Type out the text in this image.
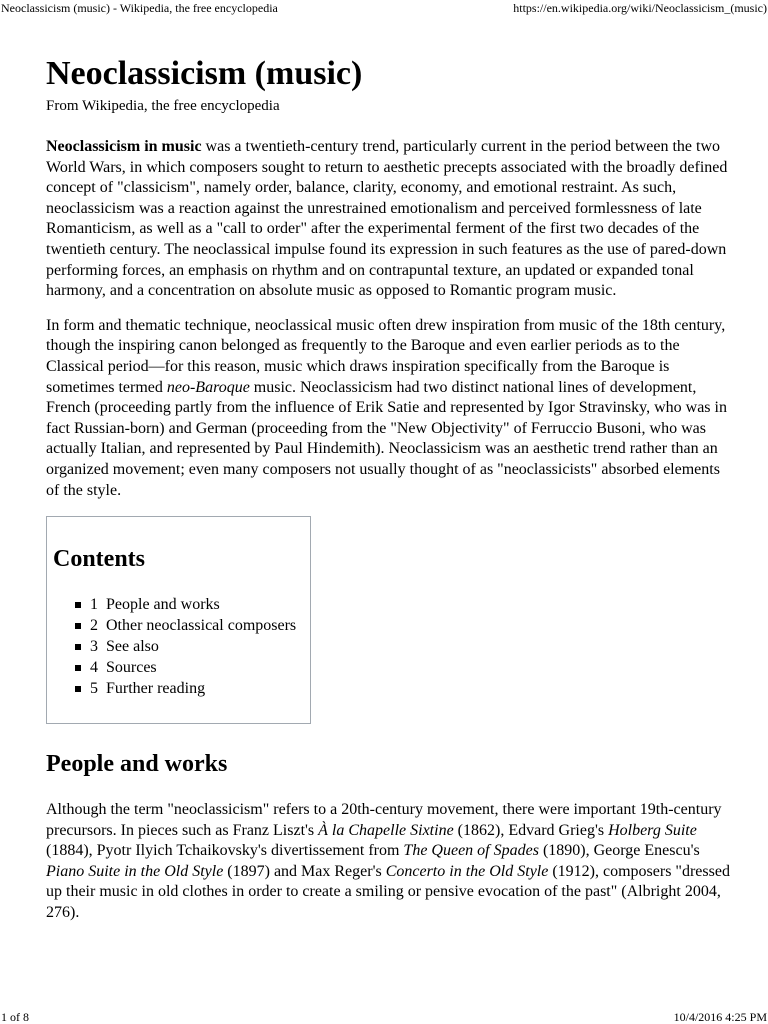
Neoclassicism (music) - Wikipedia, the free encyclopedia	https://en.wikipedia.org/wiki/Neoclassicism_(music)
Neoclassicism (music)
From Wikipedia, the free encyclopedia

Neoclassicism in music was a twentieth-century trend, particularly current in the period between the two World Wars, in which composers sought to return to aesthetic precepts associated with the broadly defined concept of "classicism", namely order, balance, clarity, economy, and emotional restraint. As such, neoclassicism was a reaction against the unrestrained emotionalism and perceived formlessness of late Romanticism, as well as a "call to order" after the experimental ferment of the first two decades of the twentieth century. The neoclassical impulse found its expression in such features as the use of pared-down performing forces, an emphasis on rhythm and on contrapuntal texture, an updated or expanded tonal harmony, and a concentration on absolute music as opposed to Romantic program music.

In form and thematic technique, neoclassical music often drew inspiration from music of the 18th century, though the inspiring canon belonged as frequently to the Baroque and even earlier periods as to the Classical period—for this reason, music which draws inspiration specifically from the Baroque is sometimes termed neo-Baroque music. Neoclassicism had two distinct national lines of development, French (proceeding partly from the influence of Erik Satie and represented by Igor Stravinsky, who was in fact Russian-born) and German (proceeding from the "New Objectivity" of Ferruccio Busoni, who was actually Italian, and represented by Paul Hindemith). Neoclassicism was an aesthetic trend rather than an organized movement; even many composers not usually thought of as "neoclassicists" absorbed elements of the style.

Contents
1 People and works
2 Other neoclassical composers
3 See also
4 Sources
5 Further reading
People and works

Although the term "neoclassicism" refers to a 20th-century movement, there were important 19th-century precursors. In pieces such as Franz Liszt's À la Chapelle Sixtine (1862), Edvard Grieg's Holberg Suite (1884), Pyotr Ilyich Tchaikovsky's divertissement from The Queen of Spades (1890), George Enescu's Piano Suite in the Old Style (1897) and Max Reger's Concerto in the Old Style (1912), composers "dressed up their music in old clothes in order to create a smiling or pensive evocation of the past" (Albright 2004, 276).

1 of 8	10/4/2016 4:25 PM
